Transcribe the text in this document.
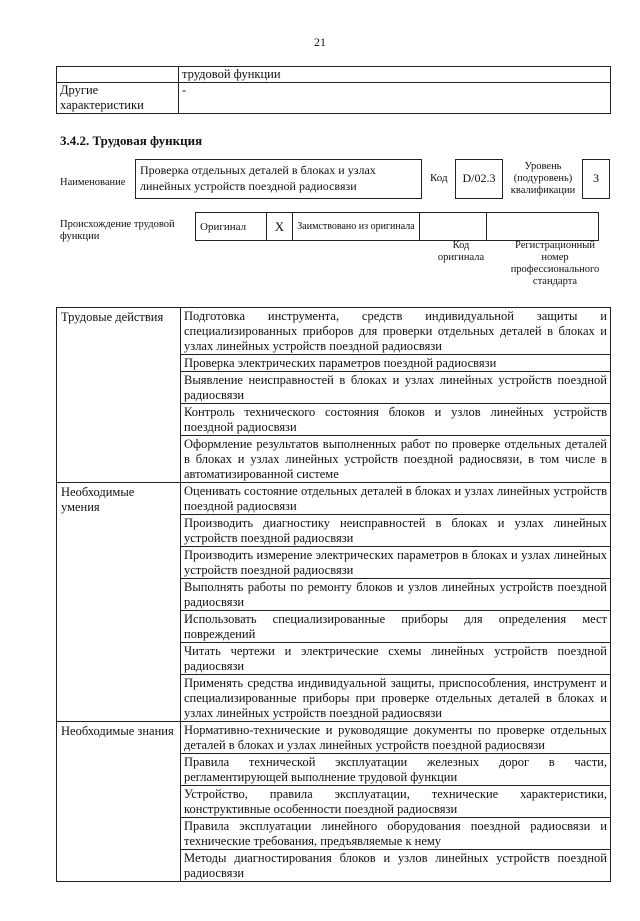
21
	трудовой функции
Другие характеристики	-
3.4.2. Трудовая функция
Наименование
Проверка отдельных деталей в блоках и узлах линейных устройств поездной радиосвязи
Код	D/02.3
Уровень (подуровень) квалификации
3
Происхождение трудовой функции
Оригинал	X	Заимствовано из оригинала		
Код оригинала
Регистрационный номер профессионального стандарта
Трудовые действия	Подготовка инструмента, средств индивидуальной защиты и специализированных приборов для проверки отдельных деталей в блоках и узлах линейных устройств поездной радиосвязи
	Проверка электрических параметров поездной радиосвязи
	Выявление неисправностей в блоках и узлах линейных устройств поездной радиосвязи
	Контроль технического состояния блоков и узлов линейных устройств поездной радиосвязи
	Оформление результатов выполненных работ по проверке отдельных деталей в блоках и узлах линейных устройств поездной радиосвязи, в том числе в автоматизированной системе
Необходимые умения	Оценивать состояние отдельных деталей в блоках и узлах линейных устройств поездной радиосвязи
	Производить диагностику неисправностей в блоках и узлах линейных устройств поездной радиосвязи
	Производить измерение электрических параметров в блоках и узлах линейных устройств поездной радиосвязи
	Выполнять работы по ремонту блоков и узлов линейных устройств поездной радиосвязи
	Использовать специализированные приборы для определения мест повреждений
	Читать чертежи и электрические схемы линейных устройств поездной радиосвязи
	Применять средства индивидуальной защиты, приспособления, инструмент и специализированные приборы при проверке отдельных деталей в блоках и узлах линейных устройств поездной радиосвязи
Необходимые знания	Нормативно-технические и руководящие документы по проверке отдельных деталей в блоках и узлах линейных устройств поездной радиосвязи
	Правила технической эксплуатации железных дорог в части, регламентирующей выполнение трудовой функции
	Устройство, правила эксплуатации, технические характеристики, конструктивные особенности поездной радиосвязи
	Правила эксплуатации линейного оборудования поездной радиосвязи и технические требования, предъявляемые к нему
	Методы диагностирования блоков и узлов линейных устройств поездной радиосвязи
